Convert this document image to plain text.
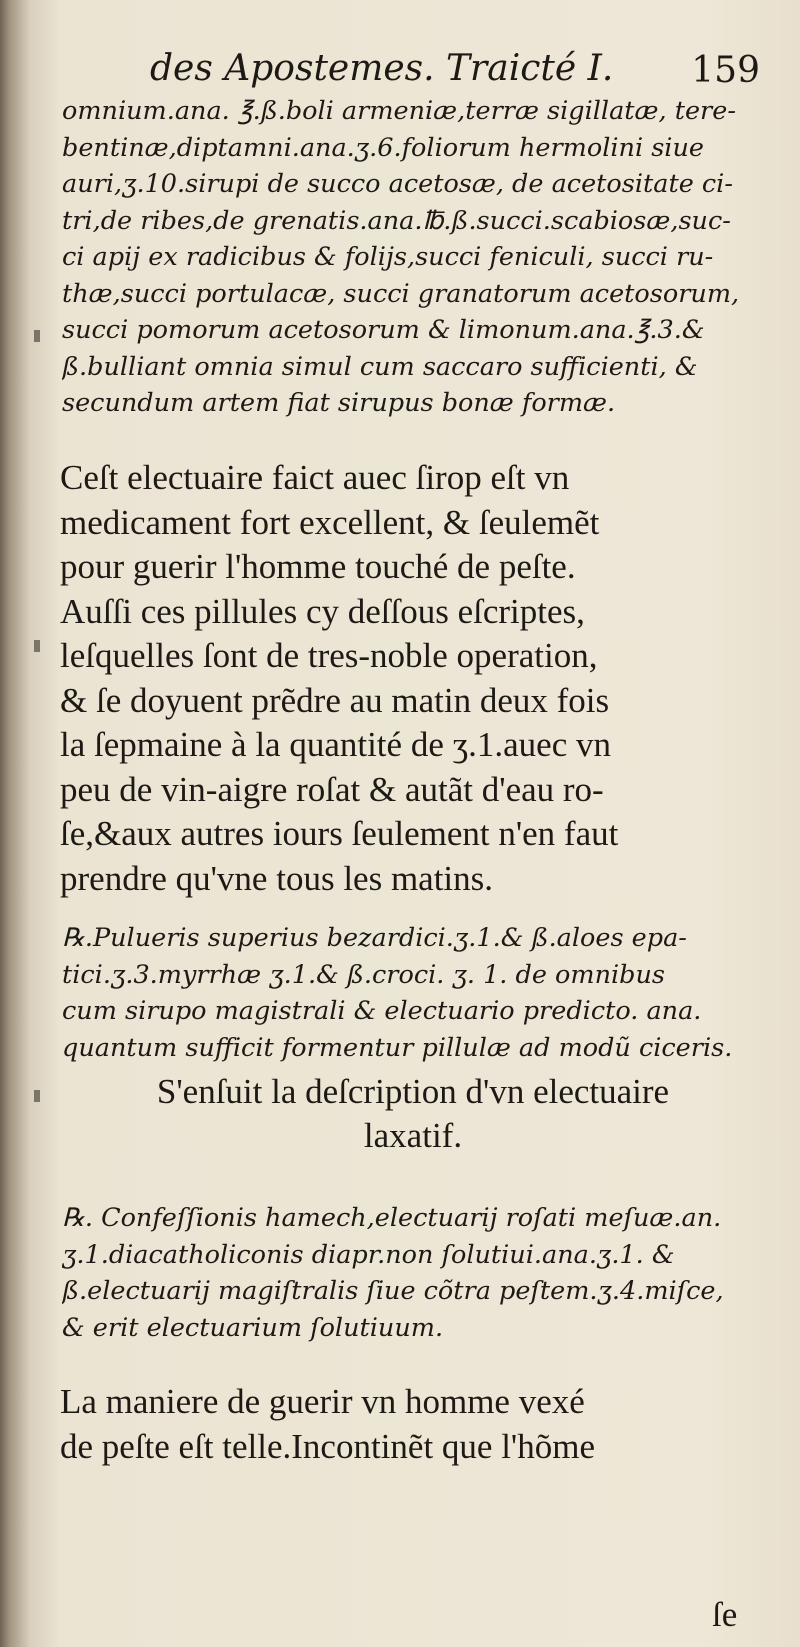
des Apostemes. Traicté I. 159

omnium.ana. ℥.ß.boli armeniæ,terræ sigillatæ, tere-

bentinæ,diptamni.ana.ʒ.6.foliorum hermolini siue

auri,ʒ.10.sirupi de succo acetosæ, de acetositate ci-

tri,de ribes,de grenatis.ana.℔.ß.succi.scabiosæ,suc-

ci apij ex radicibus & folijs,succi feniculi, succi ru-

thæ,succi portulacæ, succi granatorum acetosorum,

succi pomorum acetosorum & limonum.ana.℥.3.&

ß.bulliant omnia simul cum saccaro sufficienti, &

secundum artem fiat sirupus bonæ formæ.

Ceſt electuaire faict auec ſirop eſt vn

medicament fort excellent, & ſeulemẽt

pour guerir l'homme touché de peſte.

Auſſi ces pillules cy deſſous eſcriptes,

leſquelles ſont de tres-noble operation,

& ſe doyuent prẽdre au matin deux fois

la ſepmaine à la quantité de ʒ.1.auec vn

peu de vin-aigre roſat & autãt d'eau ro-

ſe,&aux autres iours ſeulement n'en faut

prendre qu'vne tous les matins.

℞.Pulueris superius bezardici.ʒ.1.& ß.aloes epa-

tici.ʒ.3.myrrhæ ʒ.1.& ß.croci. ʒ. 1. de omnibus

cum sirupo magistrali & electuario predicto. ana.

quantum sufficit formentur pillulæ ad modũ ciceris.

S'enſuit la deſcription d'vn electuaire

laxatif.

℞. Confeſſionis hamech,electuarij roſati meſuæ.an.

ʒ.1.diacatholiconis diapr.non ſolutiui.ana.ʒ.1. &

ß.electuarij magiſtralis ſiue cõtra peſtem.ʒ.4.miſce,

& erit electuarium ſolutiuum.

La maniere de guerir vn homme vexé

de peſte eſt telle.Incontinẽt que l'hõme

ſe
